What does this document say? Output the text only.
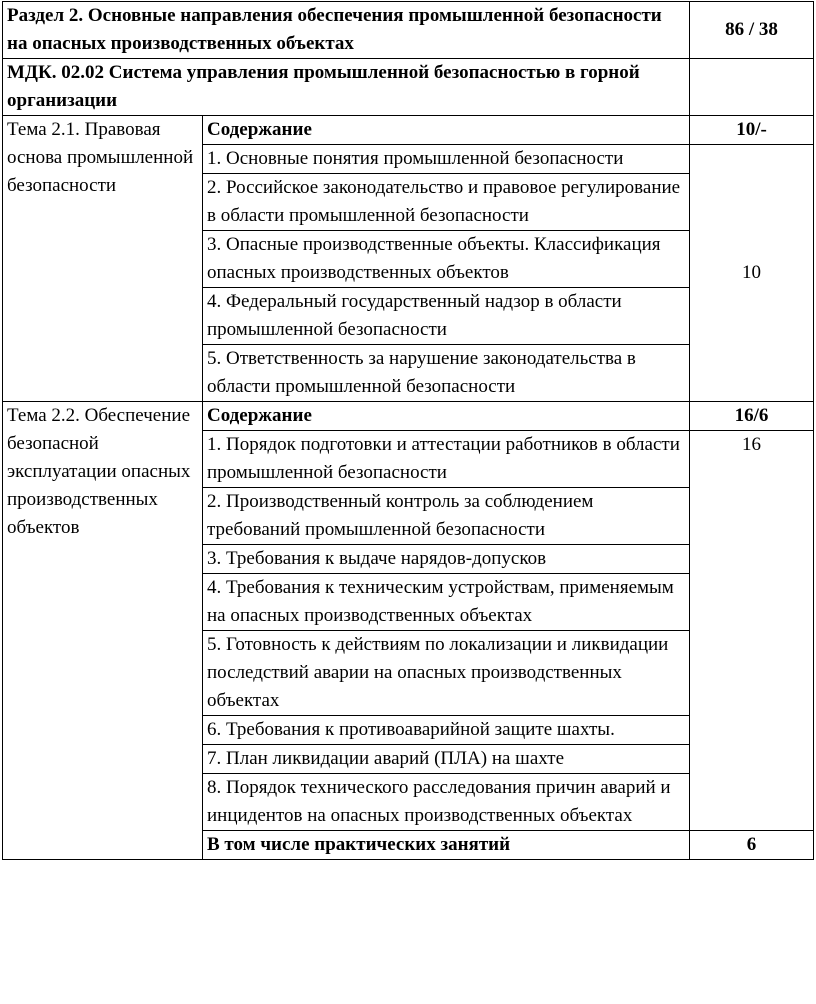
Раздел 2. Основные направления обеспечения промышленной безопасности на опасных производственных объектах		86 / 38
МДК. 02.02 Система управления промышленной безопасностью в горной организации		
Тема 2.1. Правовая основа промышленной безопасности	Содержание	10/-
	1. Основные понятия промышленной безопасности	10
	2. Российское законодательство и правовое регулирование в области промышленной безопасности	
	3. Опасные производственные объекты. Классификация опасных производственных объектов	
	4. Федеральный государственный надзор в области промышленной безопасности	
	5. Ответственность за нарушение законодательства в области промышленной безопасности	
Тема 2.2. Обеспечение безопасной эксплуатации опасных производственных объектов	Содержание	16/6
	1. Порядок подготовки и аттестации работников в области промышленной безопасности	16
	2. Производственный контроль за соблюдением требований промышленной безопасности	
	3. Требования к выдаче нарядов-допусков	
	4. Требования к техническим устройствам, применяемым на опасных производственных объектах	
	5. Готовность к действиям по локализации и ликвидации последствий аварии на опасных производственных объектах	
	6. Требования к противоаварийной защите шахты.	
	7. План ликвидации аварий (ПЛА) на шахте	
	8. Порядок технического расследования причин аварий и инцидентов на опасных производственных объектах	
	В том числе практических занятий	6
